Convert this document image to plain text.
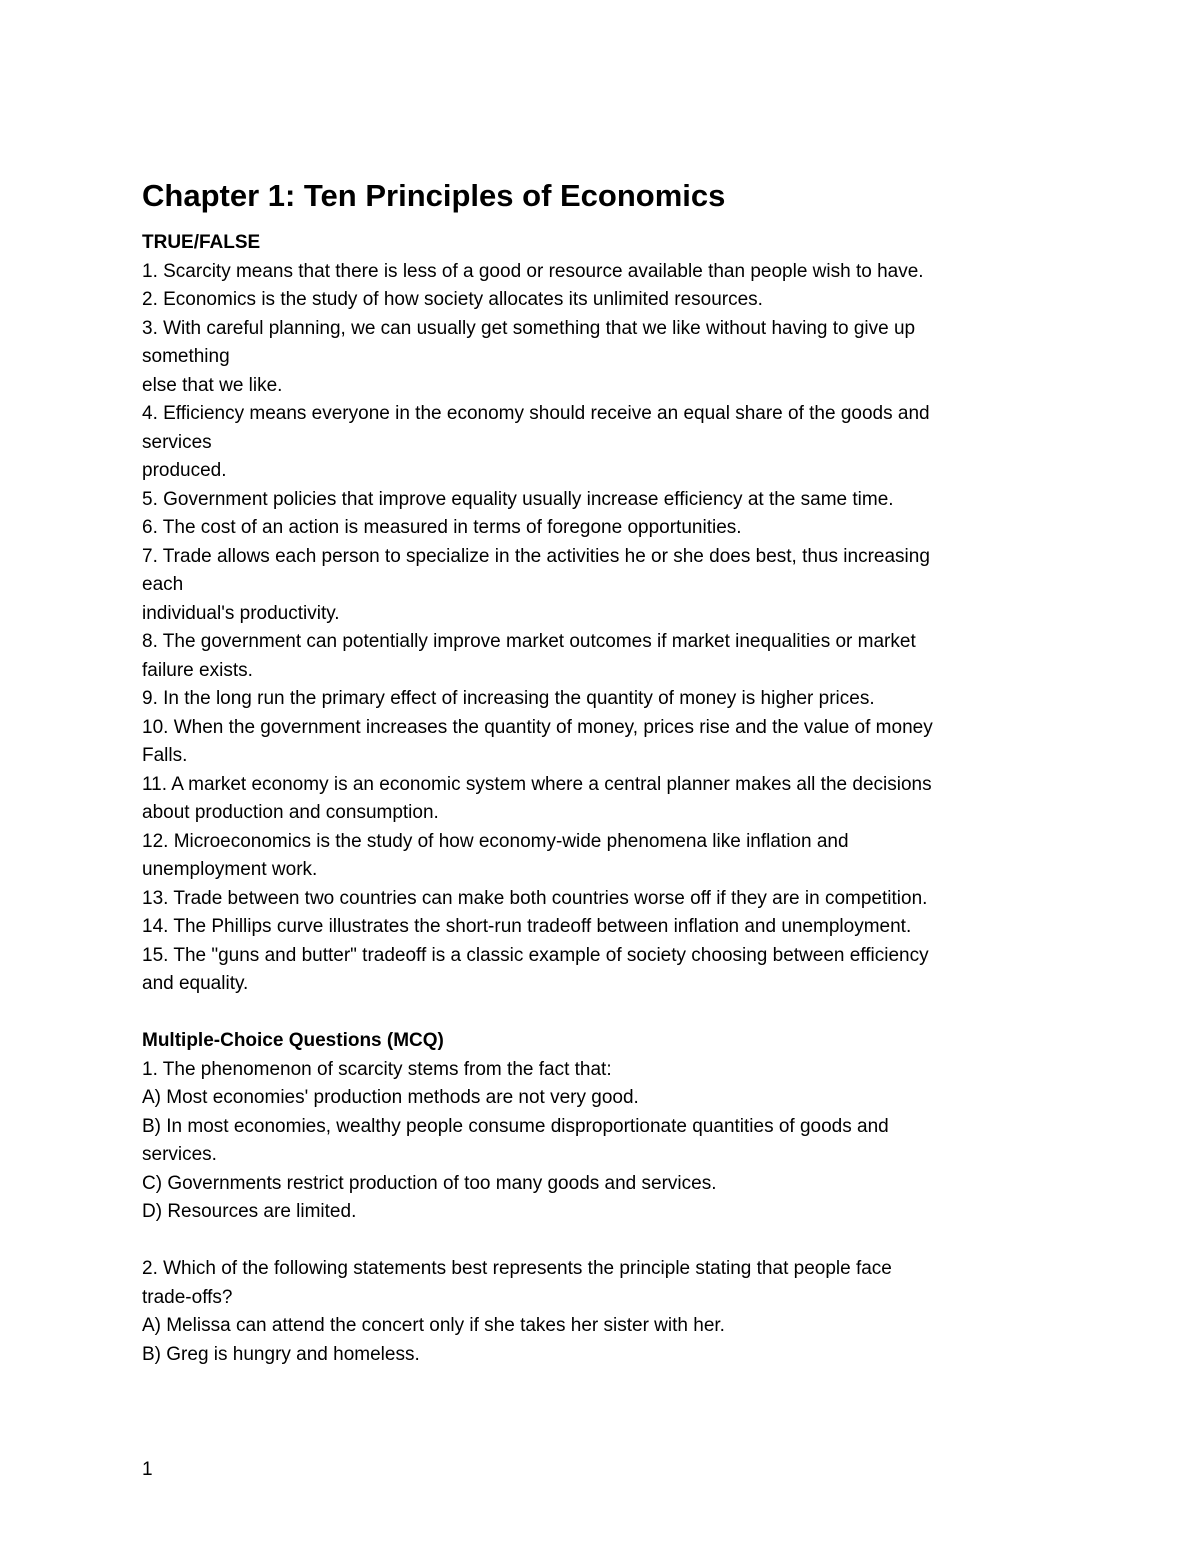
Chapter 1: Ten Principles of Economics

TRUE/FALSE

1. Scarcity means that there is less of a good or resource available than people wish to have.

2. Economics is the study of how society allocates its unlimited resources.

3. With careful planning, we can usually get something that we like without having to give up

something

else that we like.

4. Efficiency means everyone in the economy should receive an equal share of the goods and

services

produced.

5. Government policies that improve equality usually increase efficiency at the same time.

6. The cost of an action is measured in terms of foregone opportunities.

7. Trade allows each person to specialize in the activities he or she does best, thus increasing

each

individual's productivity.

8. The government can potentially improve market outcomes if market inequalities or market

failure exists.

9. In the long run the primary effect of increasing the quantity of money is higher prices.

10. When the government increases the quantity of money, prices rise and the value of money

Falls.

11. A market economy is an economic system where a central planner makes all the decisions

about production and consumption.

12. Microeconomics is the study of how economy-wide phenomena like inflation and

unemployment work.

13. Trade between two countries can make both countries worse off if they are in competition.

14. The Phillips curve illustrates the short-run tradeoff between inflation and unemployment.

15. The "guns and butter" tradeoff is a classic example of society choosing between efficiency

and equality.

Multiple-Choice Questions (MCQ)

1. The phenomenon of scarcity stems from the fact that:

A) Most economies' production methods are not very good.

B) In most economies, wealthy people consume disproportionate quantities of goods and

services.

C) Governments restrict production of too many goods and services.

D) Resources are limited.

2. Which of the following statements best represents the principle stating that people face

trade-offs?

A) Melissa can attend the concert only if she takes her sister with her.

B) Greg is hungry and homeless.

1
